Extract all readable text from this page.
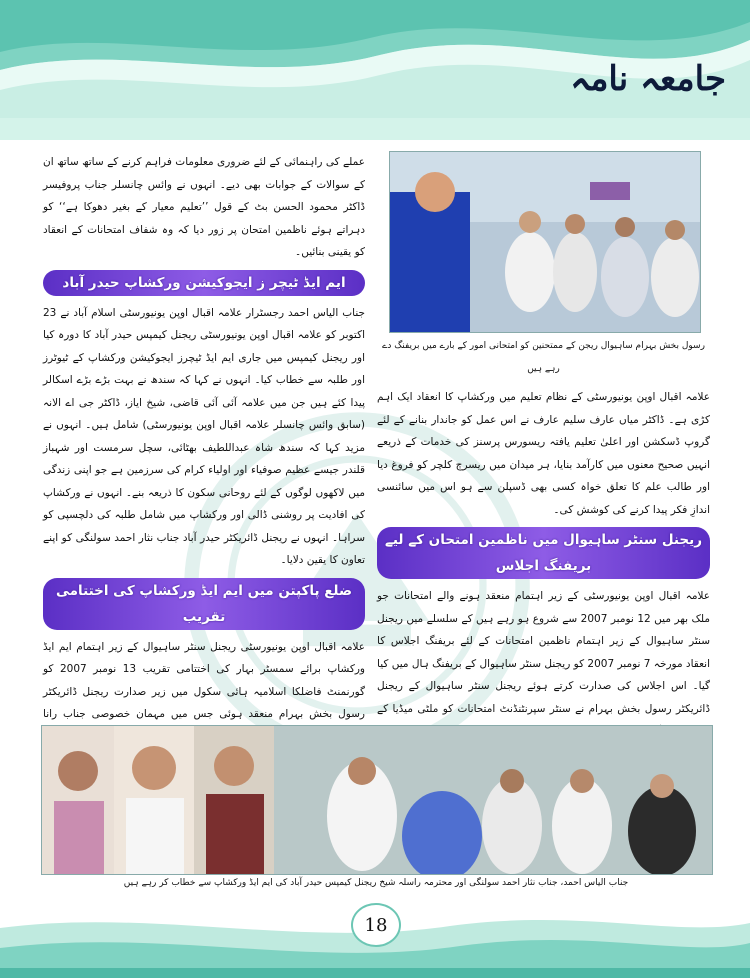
جامعہ نامہ
رسول بخش بہرام ساہیوال ریجن کے ممتحنین کو امتحانی امور کے بارے میں بریفنگ دے رہے ہیں

علامہ اقبال اوپن یونیورسٹی کے نظام تعلیم میں ورکشاپ کا انعقاد ایک اہم کڑی ہے۔ ڈاکٹر میاں عارف سلیم عارف نے اس عمل کو جاندار بنانے کے لئے گروپ ڈسکشن اور اعلیٰ تعلیم یافتہ ریسورس پرسنز کی خدمات کے ذریعے انہیں صحیح معنوں میں کارآمد بنایا، ہر میدان میں ریسرچ کلچر کو فروغ دیا اور طالب علم کا تعلق خواہ کسی بھی ڈسپلن سے ہو اس میں سائنسی اندازِ فکر پیدا کرنے کی کوشش کی۔

ریجنل سنٹر ساہیوال میں ناظمین امتحان کے لیے بریفنگ اجلاس

علامہ اقبال اوپن یونیورسٹی کے زیر اہتمام منعقد ہونے والے امتحانات جو ملک بھر میں 12 نومبر 2007 سے شروع ہو رہے ہیں کے سلسلے میں ریجنل سنٹر ساہیوال کے زیر اہتمام ناظمین امتحانات کے لئے بریفنگ اجلاس کا انعقاد مورخہ 7 نومبر 2007 کو ریجنل سنٹر ساہیوال کے بریفنگ ہال میں کیا گیا۔ اس اجلاس کی صدارت کرتے ہوئے ریجنل سنٹر ساہیوال کے ریجنل ڈائریکٹر رسول بخش بہرام نے سنٹر سپرنٹنڈنٹ امتحانات کو ملٹی میڈیا کے

عملے کی راہنمائی کے لئے ضروری معلومات فراہم کرنے کے ساتھ ساتھ ان کے سوالات کے جوابات بھی دیے۔ انہوں نے وائس چانسلر جناب پروفیسر ڈاکٹر محمود الحسن بٹ کے قول ’’تعلیم معیار کے بغیر دھوکا ہے‘‘ کو دہراتے ہوئے ناظمین امتحان پر زور دیا کہ وہ شفاف امتحانات کے انعقاد کو یقینی بنائیں۔

ایم ایڈ ٹیچر ز ایجوکیشن ورکشاپ حیدر آباد

جناب الیاس احمد رجسٹرار علامہ اقبال اوپن یونیورسٹی اسلام آباد نے 23 اکتوبر کو علامہ اقبال اوپن یونیورسٹی ریجنل کیمپس حیدر آباد کا دورہ کیا اور ریجنل کیمپس میں جاری ایم ایڈ ٹیچرز ایجوکیشن ورکشاپ کے ٹیوٹرز اور طلبہ سے خطاب کیا۔ انہوں نے کہا کہ سندھ نے بہت بڑے بڑے اسکالر پیدا کئے ہیں جن میں علامہ آئی آئی قاضی، شیخ ایاز، ڈاکٹر جی اے الانہ (سابق وائس چانسلر علامہ اقبال اوپن یونیورسٹی) شامل ہیں۔ انہوں نے مزید کہا کہ سندھ شاہ عبداللطیف بھٹائی، سچل سرمست اور شہباز قلندر جیسے عظیم صوفیاء اور اولیاء کرام کی سرزمین ہے جو اپنی زندگی میں لاکھوں لوگوں کے لئے روحانی سکون کا ذریعہ بنے۔ انہوں نے ورکشاپ کی افادیت پر روشنی ڈالی اور ورکشاپ میں شامل طلبہ کی دلچسپی کو سراہا۔ انہوں نے ریجنل ڈائریکٹر حیدر آباد جناب نثار احمد سولنگی کو اپنے تعاون کا یقین دلایا۔

ضلع پاکپتن میں ایم ایڈ ورکشاپ کی اختتامی تقریب

علامہ اقبال اوپن یونیورسٹی ریجنل سنٹر ساہیوال کے زیر اہتمام ایم ایڈ ورکشاپ برائے سمسٹر بہار کی اختتامی تقریب 13 نومبر 2007 کو گورنمنٹ فاضلکا اسلامیہ ہائی سکول میں زیر صدارت ریجنل ڈائریکٹر رسول بخش بہرام منعقد ہوئی جس میں مہمان خصوصی جناب رانا

جناب الیاس احمد، جناب نثار احمد سولنگی اور محترمہ راسلہ شیخ ریجنل کیمپس حیدر آباد کی ایم ایڈ ورکشاپ سے خطاب کر رہے ہیں
18
